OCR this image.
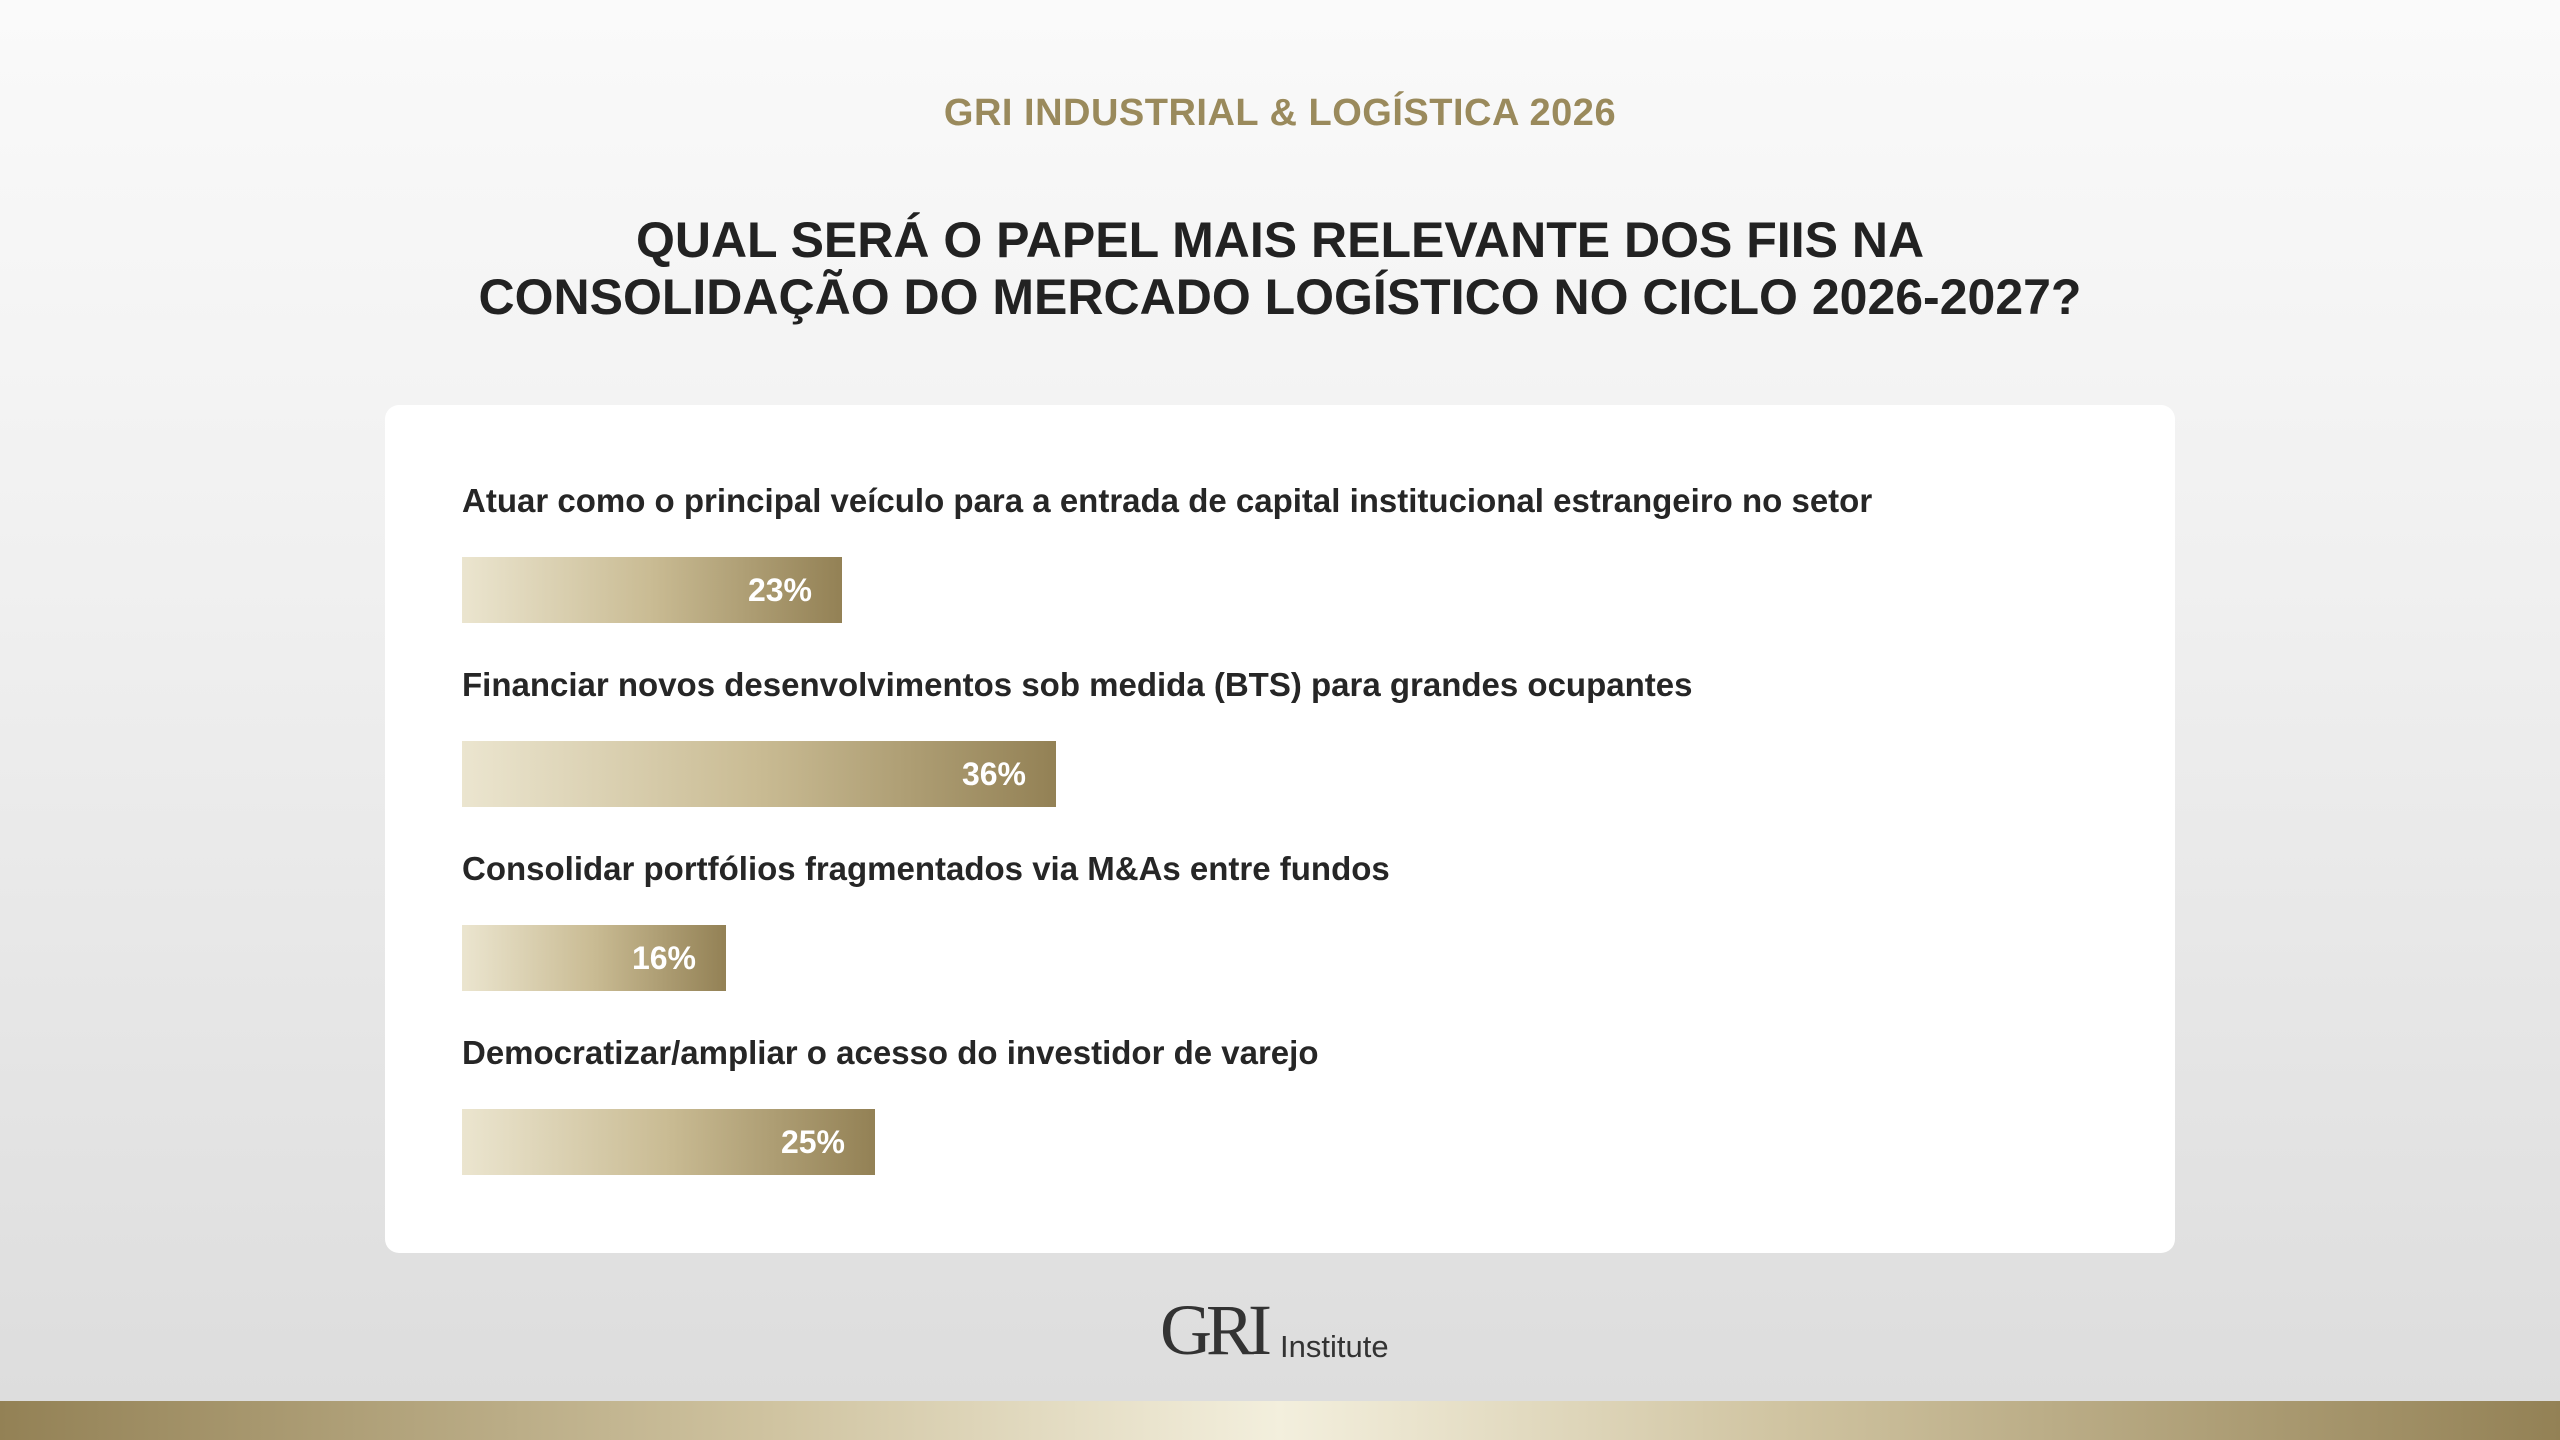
GRI INDUSTRIAL & LOGÍSTICA 2026
QUAL SERÁ O PAPEL MAIS RELEVANTE DOS FIIS NA
CONSOLIDAÇÃO DO MERCADO LOGÍSTICO NO CICLO 2026-2027?
Atuar como o principal veículo para a entrada de capital institucional estrangeiro no setor
23%
Financiar novos desenvolvimentos sob medida (BTS) para grandes ocupantes
36%
Consolidar portfólios fragmentados via M&As entre fundos
16%
Democratizar/ampliar o acesso do investidor de varejo
25%
GRI Institute
